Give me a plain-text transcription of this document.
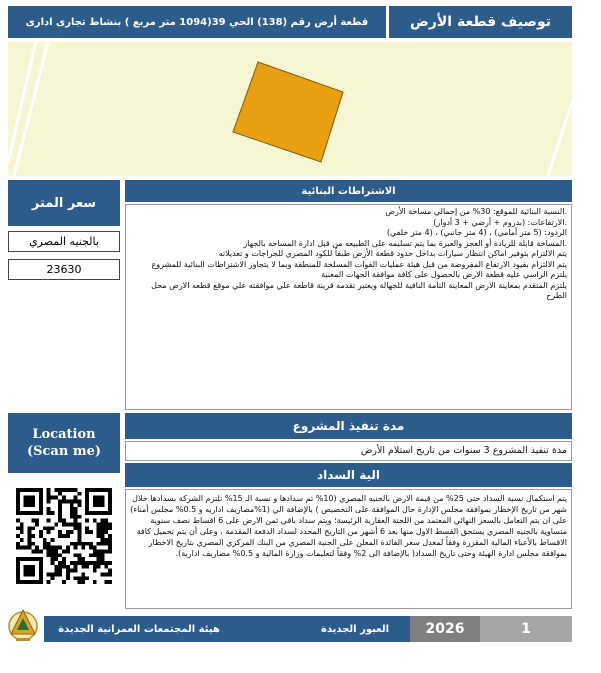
قطعة أرض رقم (138) الحي 39(1094 متر مربع ) بنشاط تجارى ادارى	توصيف قطعة الأرض
سعر المتر
بالجنيه المصري
23630
الاشتراطات البنائية
.النسبة البنائية للموقع: 30% من إجمالي مساحة الأرض
.الارتفاعات: (بدروم + أرضي + 3 أدوار)
الردود: (5 متر أمامي) ، (4 متر جانبي) ، (4 متر خلفي)
.المساحة قابلة للزيادة أو العجز والعبرة بما يتم تسليمه على الطبيعه من قبل ادارة المساحه بالجهاز
يتم الالتزام بتوفير اماكن انتظار سيارات بداخل حدود قطعة الأرض طبقاً للكود المصري للجراجات و تعديلاته
يتم الالتزام بقيود الارتفاع المفروضة من قبل هيئة عمليات القوات المسلحة للمنطقة وبما لا يتجاوز الاشتراطات البنائية للمشروع
يلتزم الراسي عليه قطعة الارض بالحصول على كافة موافقة الجهات المعنية
يلتزم المتقدم بمعاينة الارض المعاينة التامة النافية للجهالة ويعتبر تقدمه قرينة قاطعة علي موافقته علي موقع قطعه الارض محل الطرح
Location
(Scan me)
مدة تنفيذ المشروع
مدة تنفيذ المشروع 3 سنوات من تاريخ استلام الأرض
الية السداد
يتم استكمال نسبة السداد حتى 25% من قيمة الارض بالجنيه المصري (10% تم سدادها و نسبة الـ 15% تلتزم الشركة بسدادها خلال شهر من تاريخ الإخطار بموافقة مجلس الإدارة حال الموافقة على التخصيص ) بالإضافة الي (1%مصاريف اداريه و 0.5% مجلس أمناء) على ان يتم التعامل بالسعر النهائي المعتمد من اللجنة العقارية الرئيسة؛ ويتم سداد باقي ثمن الارض على 6 اقساط نصف سنوية متساوية بالجنيه المصري يستحق القسط الاول منها بعد 6 أشهر من التاريخ المحدد لسداد الدفعة المقدمة ، وعلى أن يتم تحميل كافة الاقساط بالأعباء المالية المقررة وفقاً لمعدل سعر الفائدة المعلن على الجنية المصري من البنك المركزي المصري بتاريخ الاخطار بموافقة مجلس ادارة الهيئة وحتى تاريخ السداد( بالإضافة الى 2% وفقاً لتعليمات وزارة المالية و 0.5% مصاريف ادارية).
هيئة المجتمعات العمرانية الجديدة	العبور الجديدة	2026	1
